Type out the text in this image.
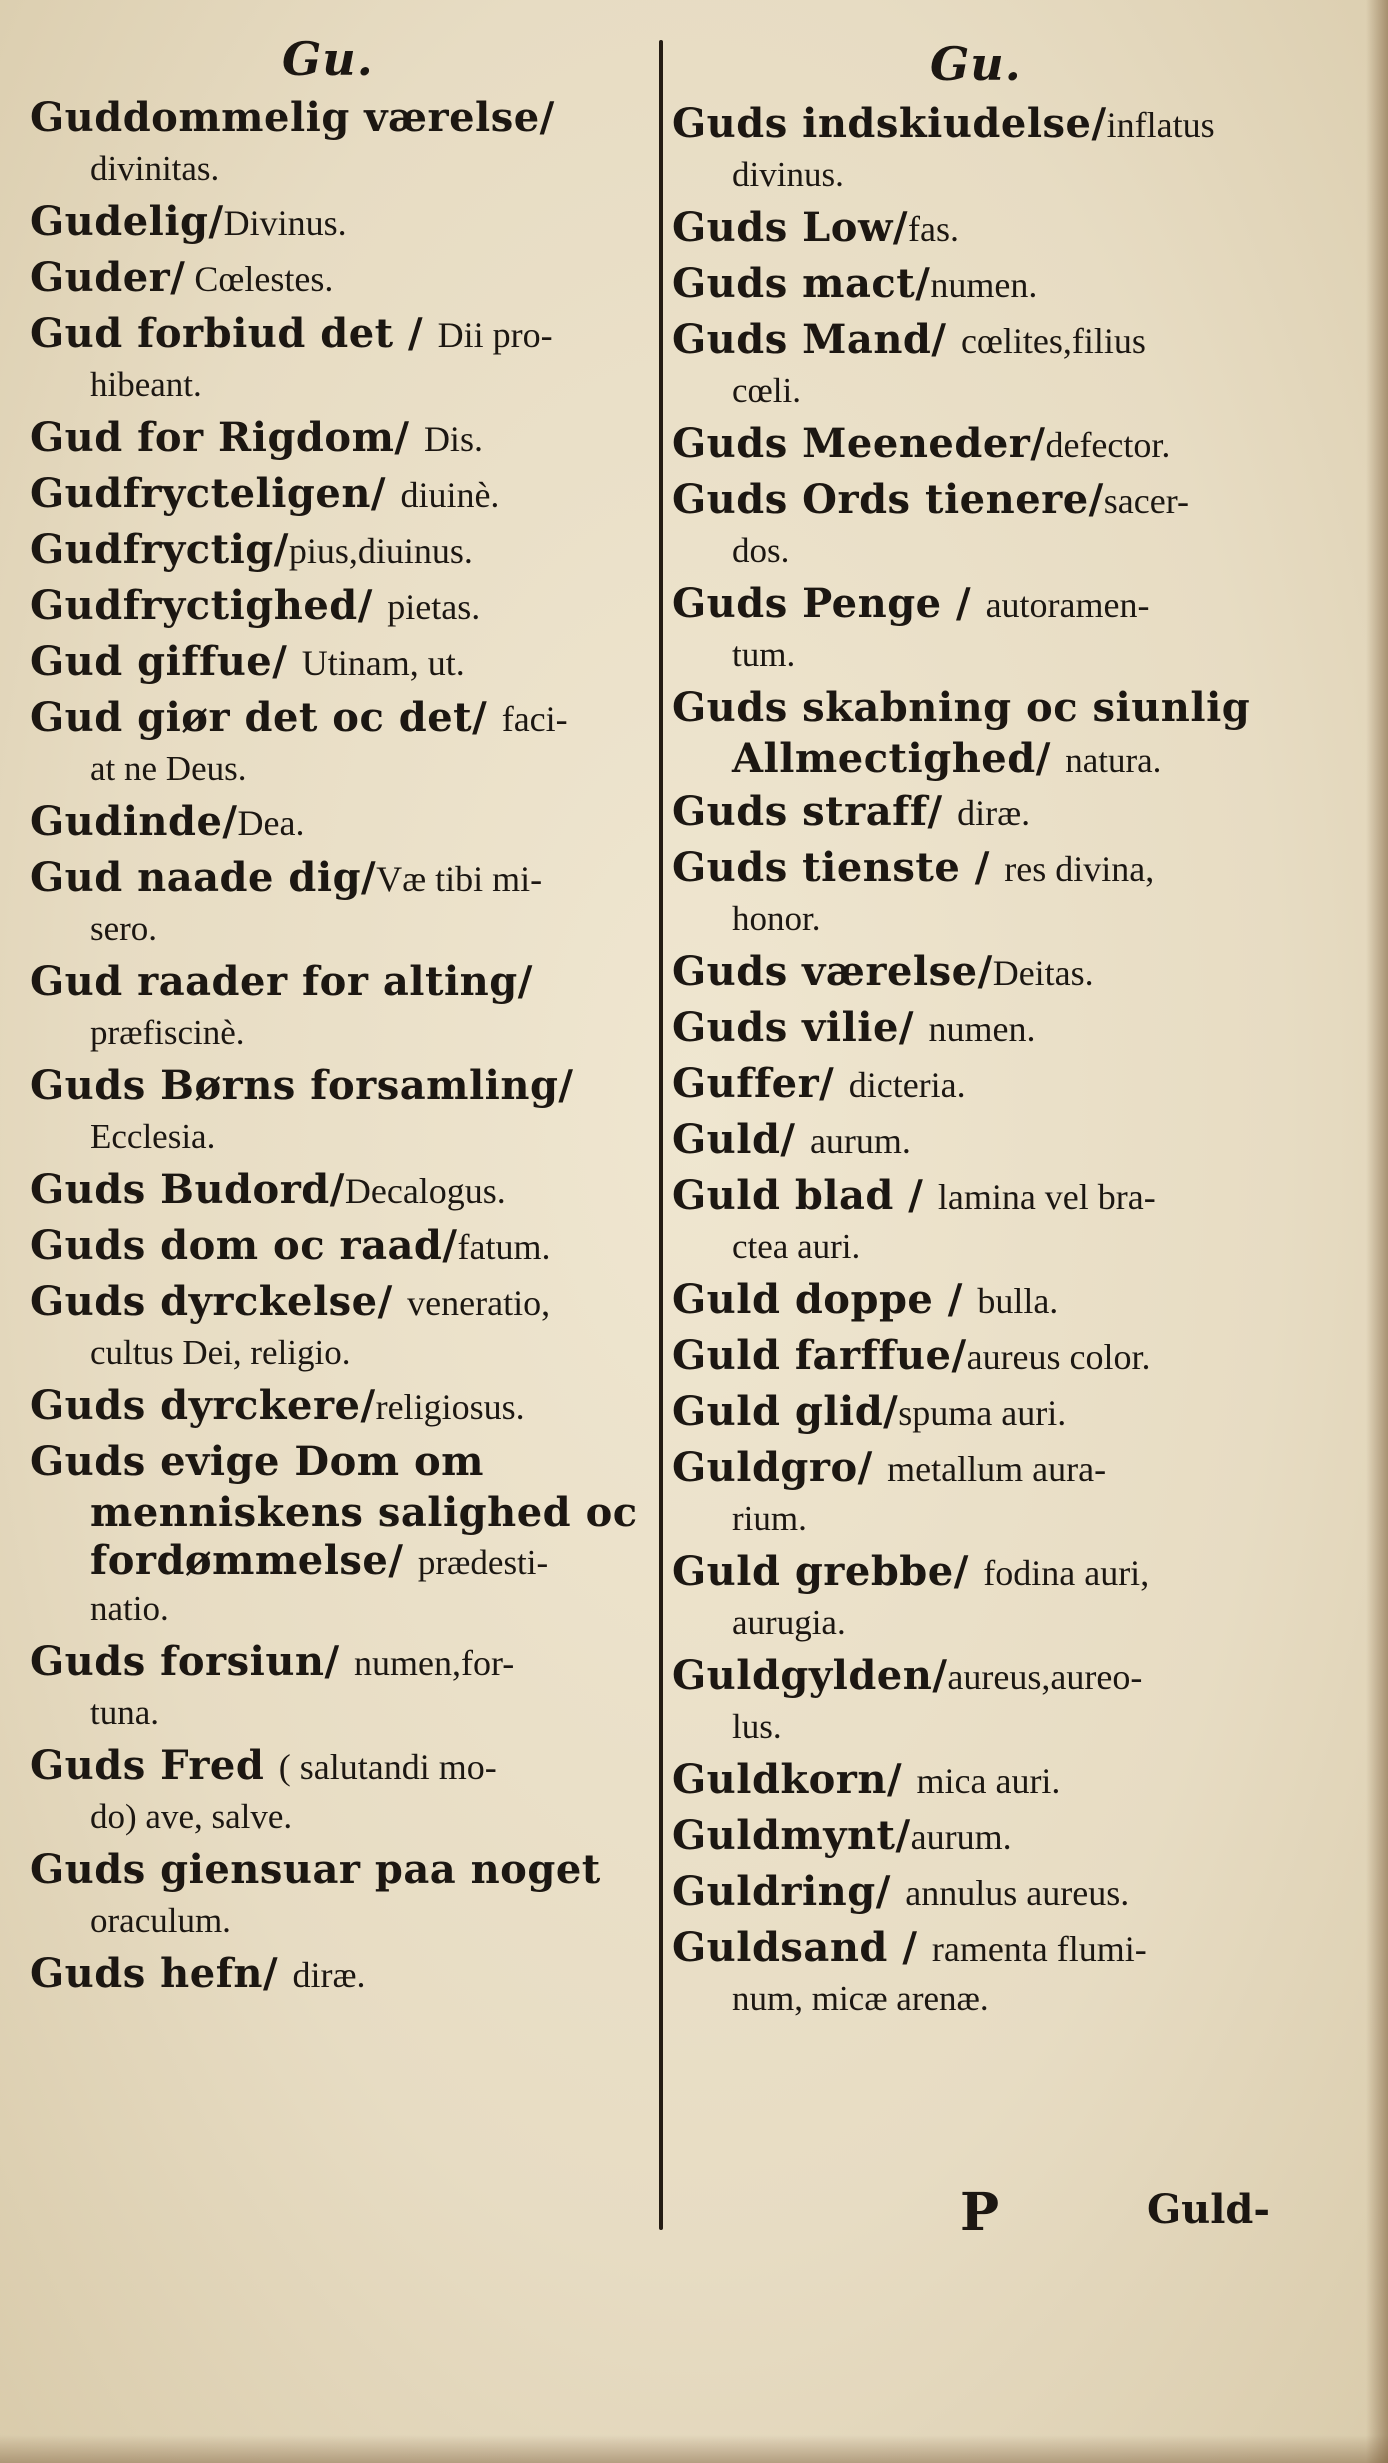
Gu.
Guddommelig værelse/
divinitas.
Gudelig/Divinus.
Guder/ Cœlestes.
Gud forbiud det / Dii pro-
hibeant.
Gud for Rigdom/ Dis.
Gudfrycteligen/ diuinè.
Gudfryctig/pius,diuinus.
Gudfryctighed/ pietas.
Gud giffue/ Utinam, ut.
Gud giør det oc det/ faci-
at ne Deus.
Gudinde/Dea.
Gud naade dig/Væ tibi mi-
sero.
Gud raader for alting/
præfiscinè.
Guds Børns forsamling/
Ecclesia.
Guds Budord/Decalogus.
Guds dom oc raad/fatum.
Guds dyrckelse/ veneratio,
cultus Dei, religio.
Guds dyrckere/religiosus.
Guds evige Dom om
menniskens salighed oc
fordømmelse/ prædesti-
natio.
Guds forsiun/ numen,for-
tuna.
Guds Fred ( salutandi mo-
do) ave, salve.
Guds giensuar paa noget
oraculum.
Guds hefn/ diræ.
Gu.
Guds indskiudelse/inflatus
divinus.
Guds Low/fas.
Guds mact/numen.
Guds Mand/ cœlites,filius
cœli.
Guds Meeneder/defector.
Guds Ords tienere/sacer-
dos.
Guds Penge / autoramen-
tum.
Guds skabning oc siunlig
Allmectighed/ natura.
Guds straff/ diræ.
Guds tienste / res divina,
honor.
Guds værelse/Deitas.
Guds vilie/ numen.
Guffer/ dicteria.
Guld/ aurum.
Guld blad / lamina vel bra-
ctea auri.
Guld doppe / bulla.
Guld farffue/aureus color.
Guld glid/spuma auri.
Guldgro/ metallum aura-
rium.
Guld grebbe/ fodina auri,
aurugia.
Guldgylden/aureus,aureo-
lus.
Guldkorn/ mica auri.
Guldmynt/aurum.
Guldring/ annulus aureus.
Guldsand / ramenta flumi-
num, micæ arenæ.
P	Guld-
